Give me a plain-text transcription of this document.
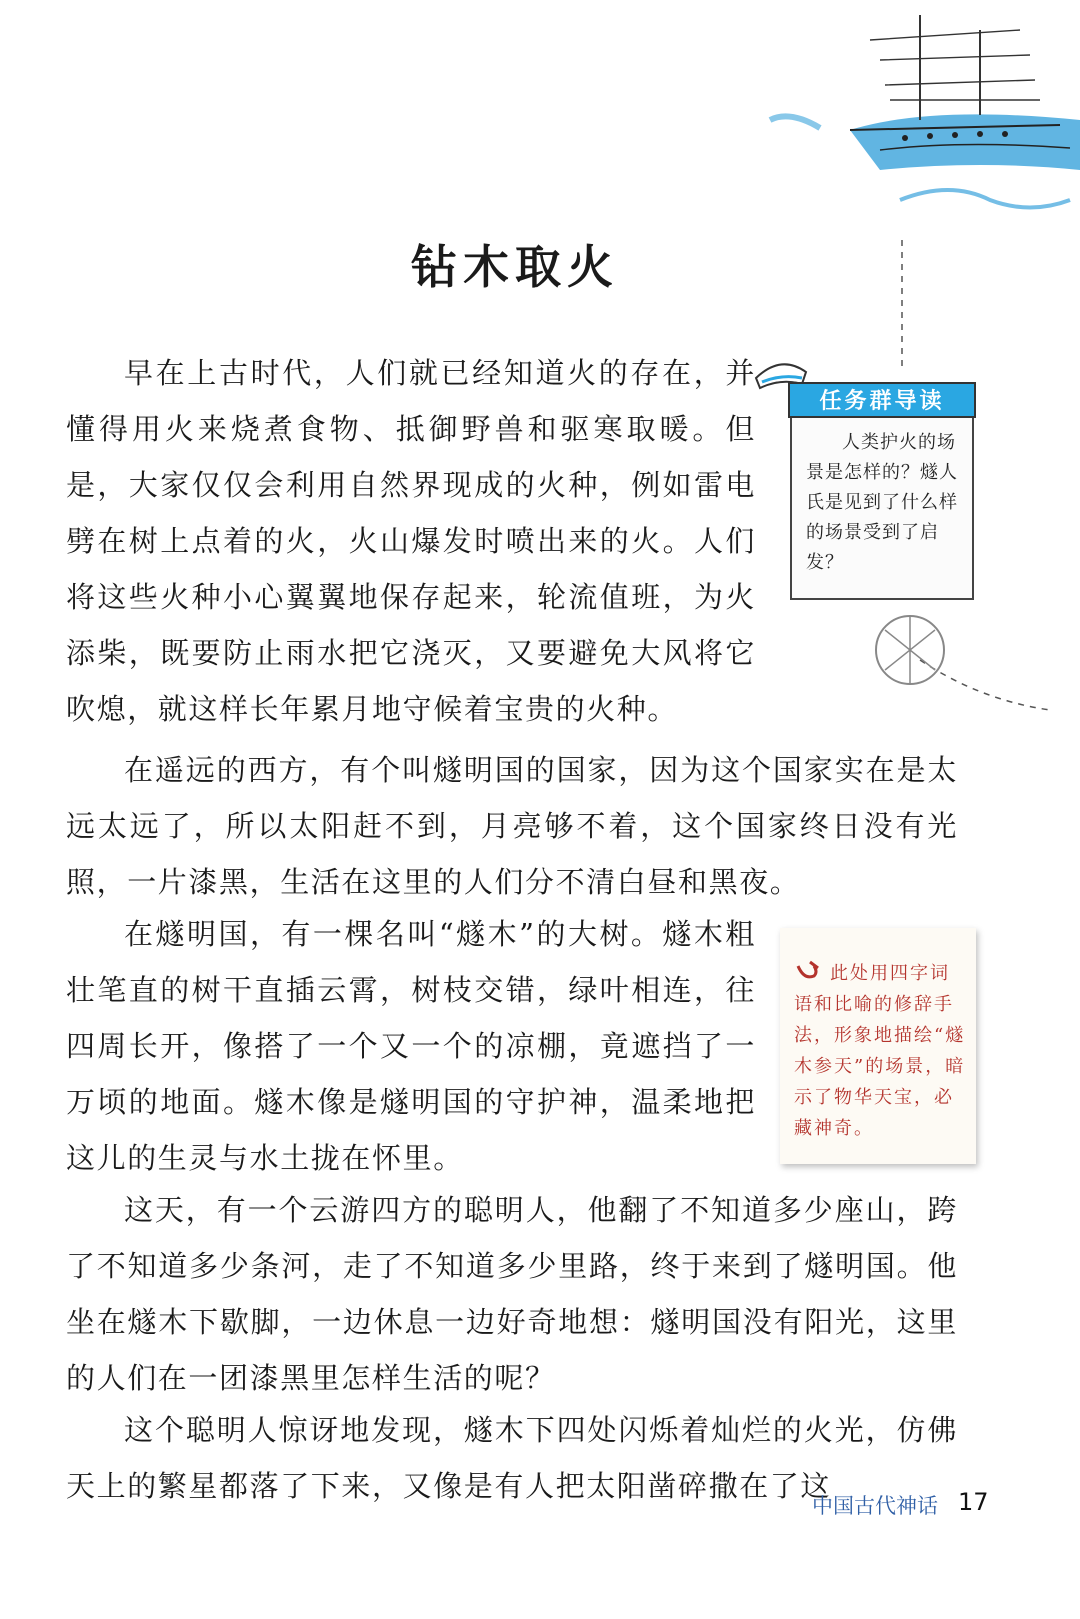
钻木取火

早在上古时代，人们就已经知道火的存在，并懂得用火来烧煮食物、抵御野兽和驱寒取暖。但是，大家仅仅会利用自然界现成的火种，例如雷电劈在树上点着的火，火山爆发时喷出来的火。人们将这些火种小心翼翼地保存起来，轮流值班，为火添柴，既要防止雨水把它浇灭，又要避免大风将它吹熄，就这样长年累月地守候着宝贵的火种。

在遥远的西方，有个叫燧明国的国家，因为这个国家实在是太远太远了，所以太阳赶不到，月亮够不着，这个国家终日没有光照，一片漆黑，生活在这里的人们分不清白昼和黑夜。

在燧明国，有一棵名叫“燧木”的大树。燧木粗壮笔直的树干直插云霄，树枝交错，绿叶相连，往四周长开，像搭了一个又一个的凉棚，竟遮挡了一万顷的地面。燧木像是燧明国的守护神，温柔地把这儿的生灵与水土拢在怀里。

这天，有一个云游四方的聪明人，他翻了不知道多少座山，跨了不知道多少条河，走了不知道多少里路，终于来到了燧明国。他坐在燧木下歇脚，一边休息一边好奇地想：燧明国没有阳光，这里的人们在一团漆黑里怎样生活的呢？

这个聪明人惊讶地发现，燧木下四处闪烁着灿烂的火光，仿佛天上的繁星都落了下来，又像是有人把太阳凿碎撒在了这

任务群导读
人类护火的场景是怎样的？燧人氏是见到了什么样的场景受到了启发？
此处用四字词语和比喻的修辞手法，形象地描绘“燧木参天”的场景，暗示了物华天宝，必藏神奇。
中国古代神话 17
